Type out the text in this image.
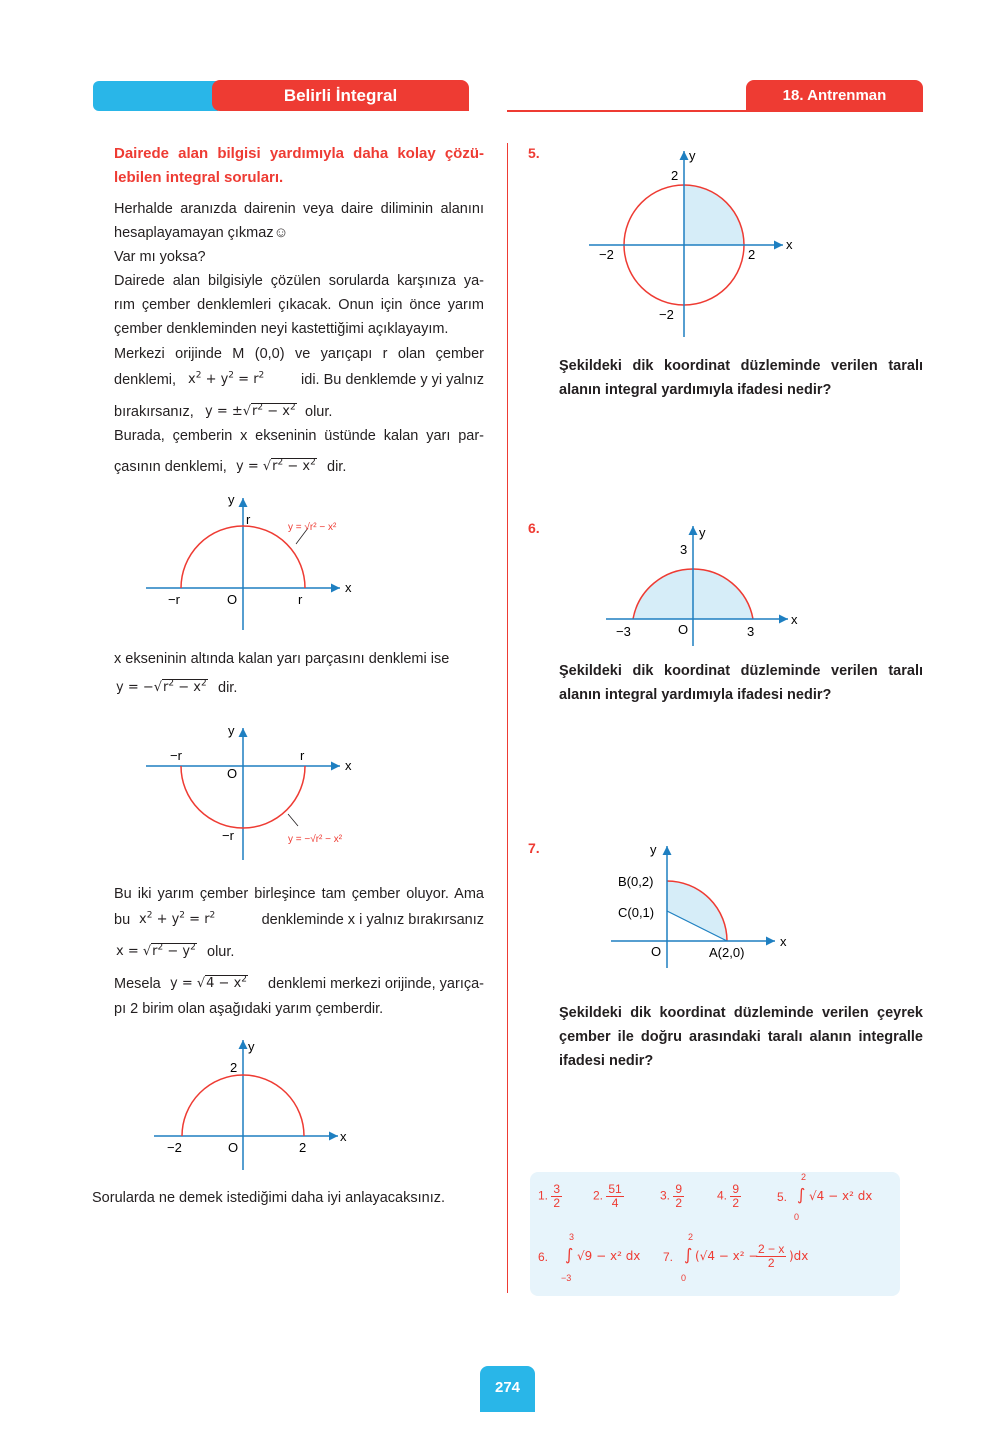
Belirli İntegral	18. Antrenman
Dairede alan bilgisi yardımıyla daha kolay çözü-
lebilen integral soruları.
Herhalde aranızda dairenin veya daire diliminin alanını
hesaplayamayan çıkmaz☺
Var mı yoksa?
Dairede alan bilgisiyle çözülen sorularda karşınıza ya-
rım çember denklemleri çıkacak. Onun için önce yarım
çember denkleminden neyi kastettiğimi açıklayayım.
Merkezi orijinde M (0,0) ve yarıçapı r olan çember
denklemi, $x^2 + y^2 = r^2$	idi. Bu denklemde y yi yalnız
bırakırsanız, $y = \pm√r^2 - x^2$ olur.
Burada, çemberin x ekseninin üstünde kalan yarı par-
çasının denklemi, $y = √r^2 - x^2$ dir.
y
x
r
−r	O	r
y = √r² − x²
x ekseninin altında kalan yarı parçasını denklemi ise
$y = -√r^2 - x^2$ dir.
y
x
−r	r
O
−r	y = −√r² − x²
Bu iki yarım çember birleşince tam çember oluyor. Ama
bu $x^2 + y^2 = r^2$	denkleminde x i yalnız bırakırsanız
$x = √r^2 - y^2$ olur.
Mesela $y = √4 - x^2$	denklemi merkezi orijinde, yarıça-
pı 2 birim olan aşağıdaki yarım çemberdir.
y
x
2
−2	O	2
Sorularda ne demek istediğimi daha iyi anlayacaksınız.
5.	y
x
2
−2	2
−2
Şekildeki dik koordinat düzleminde verilen taralı
alanın integral yardımıyla ifadesi nedir?
6.	y
x
3
−3	O	3
Şekildeki dik koordinat düzleminde verilen taralı
alanın integral yardımıyla ifadesi nedir?
7.	y
x
B(0,2)
C(0,1)
O	A(2,0)
Şekildeki dik koordinat düzleminde verilen çeyrek
çember ile doğru arasındaki taralı alanın integralle
ifadesi nedir?
1. $\frac{3}{2}$	2. $\frac{51}{4}$	3. $\frac{9}{2}$	4. $\frac{9}{2}$	5.
2
∫
0
√4 − x² dx
6.
3
∫
−3
√9 − x² dx 7.
2
∫
0
(√4 − x² −
$\frac{2 - x}{2} )dx$
274
